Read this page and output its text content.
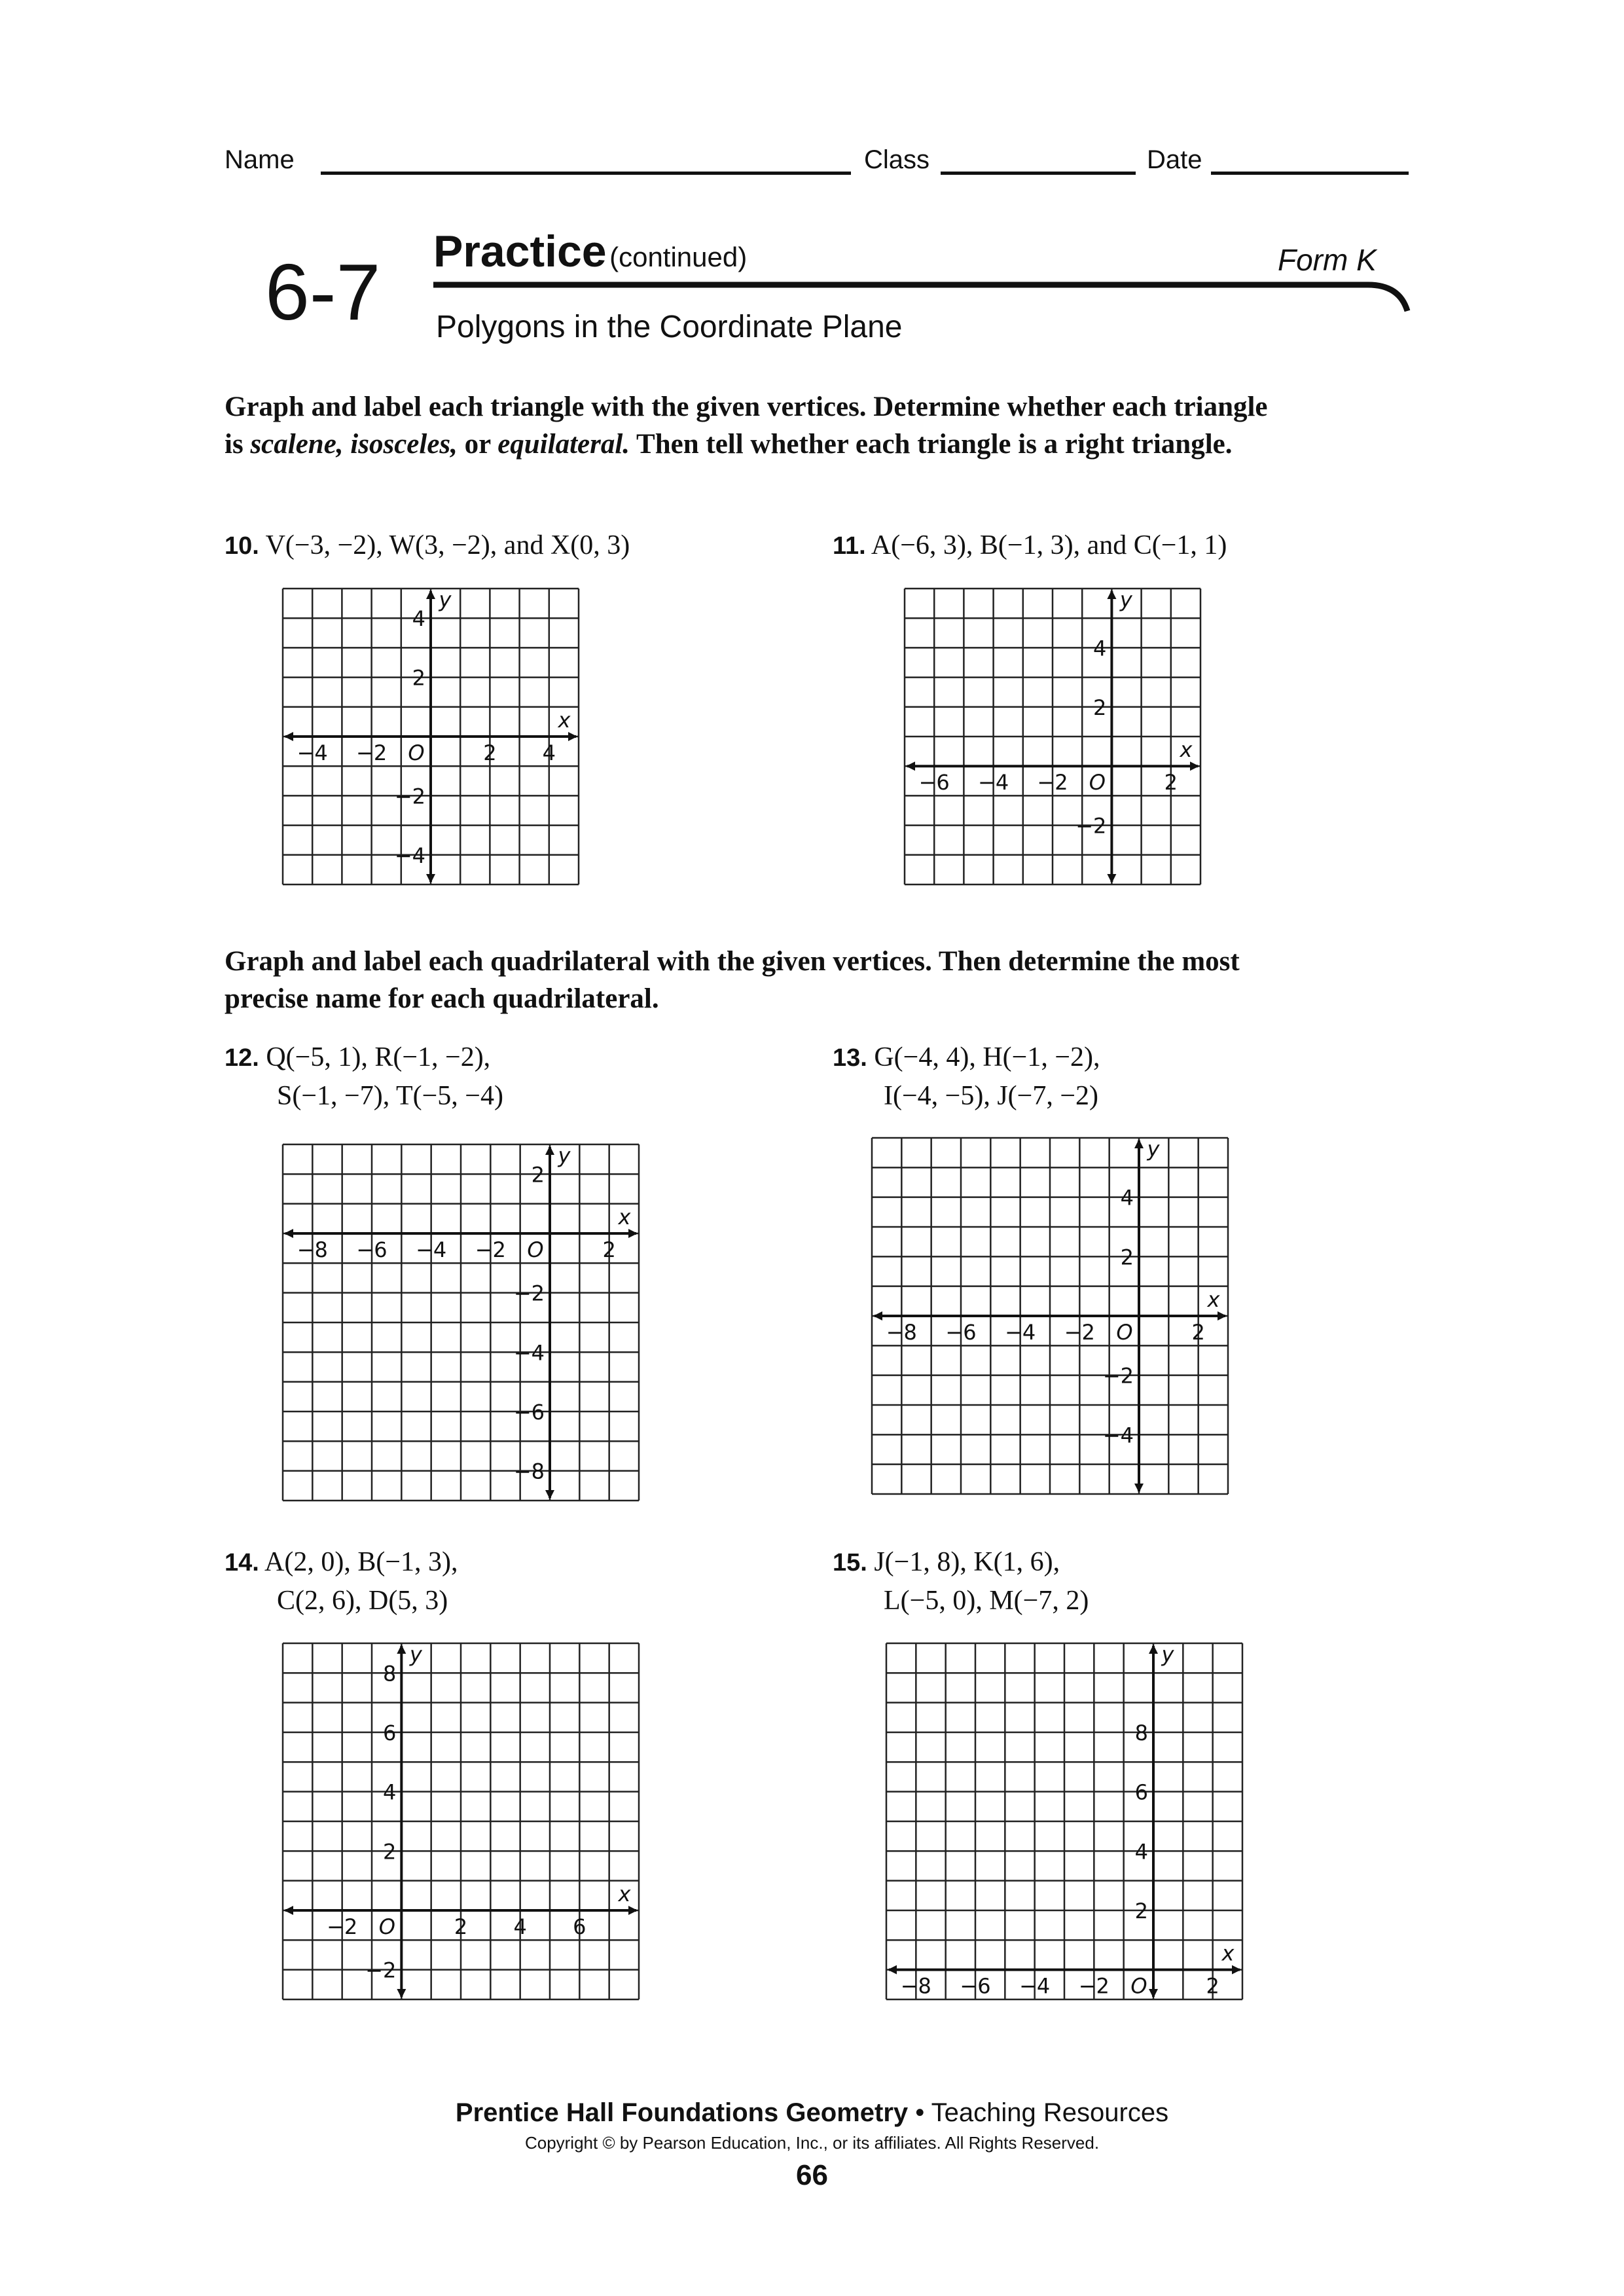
Name	Class	Date
6-7 Practice (continued)	Form K
Polygons in the Coordinate Plane
Graph and label each triangle with the given vertices. Determine whether each triangle is scalene, isosceles, or equilateral. Then tell whether each triangle is a right triangle.
10. V(−3, −2), W(3, −2), and X(0, 3)	11. A(−6, 3), B(−1, 3), and C(−1, 1)
−4 −2	2 4
4
2
−2
−4
O
x
y
−6 −4 −2	2
4
2
−2
O
x
y
Graph and label each quadrilateral with the given vertices. Then determine the most precise name for each quadrilateral.
12. Q(−5, 1), R(−1, −2),
S(−1, −7), T(−5, −4)
13. G(−4, 4), H(−1, −2),
I(−4, −5), J(−7, −2)
−8 −6 −4 −2	2
2
−2
−4
−6
−8
O
x
y
−8 −6 −4 −2	2
4
2
−2
−4
O
x
y
14. A(2, 0), B(−1, 3),
C(2, 6), D(5, 3)
15. J(−1, 8), K(1, 6),
L(−5, 0), M(−7, 2)
−2	2 4 6
8
6
4
2
−2
O
x
y
−8 −6 −4 −2	2
8
6
4
2
O
x
y
Prentice Hall Foundations Geometry • Teaching Resources
Copyright © by Pearson Education, Inc., or its affiliates. All Rights Reserved.
66
